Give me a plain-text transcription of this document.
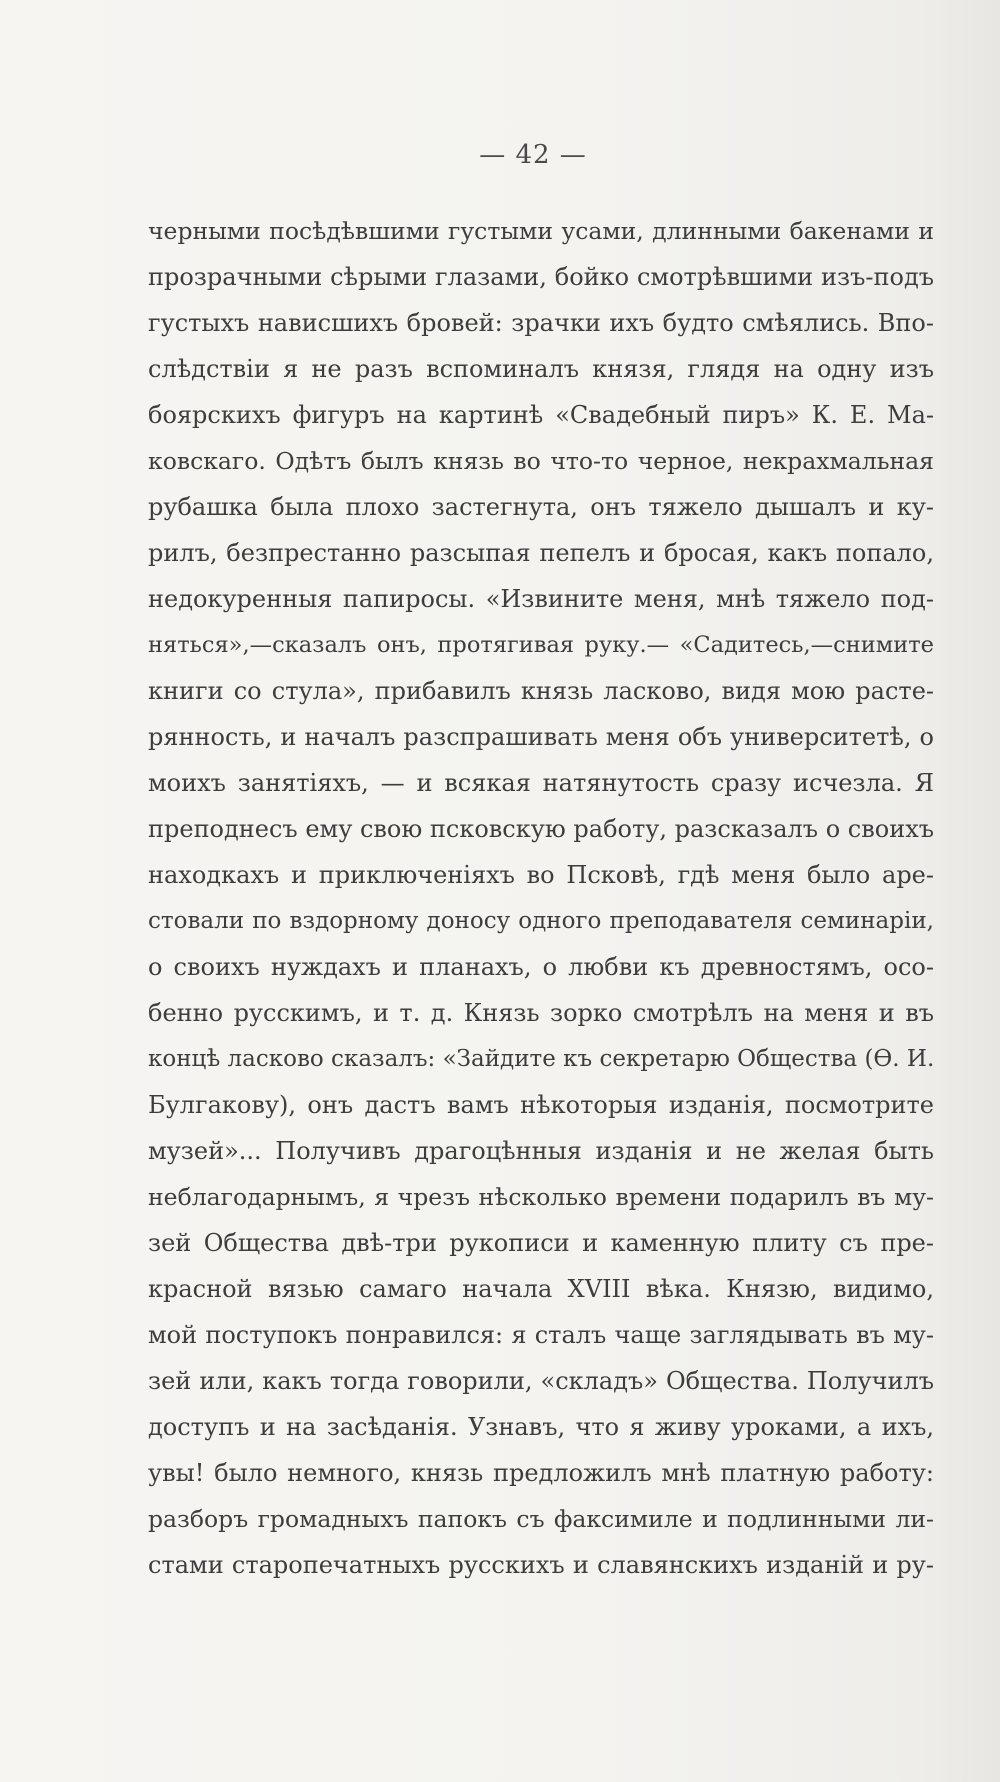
— 42 —
черными посѣдѣвшими густыми усами, длинными бакенами и
прозрачными сѣрыми глазами, бойко смотрѣвшими изъ-подъ
густыхъ нависшихъ бровей: зрачки ихъ будто смѣялись. Впо-
слѣдствіи я не разъ вспоминалъ князя, глядя на одну изъ
боярскихъ фигуръ на картинѣ «Свадебный пиръ» К. Е. Ма-
ковскаго. Одѣтъ былъ князь во что-то черное, некрахмальная
рубашка была плохо застегнута, онъ тяжело дышалъ и ку-
рилъ, безпрестанно разсыпая пепелъ и бросая, какъ попало,
недокуренныя папиросы. «Извините меня, мнѣ тяжело под-
няться»,—сказалъ онъ, протягивая руку.— «Садитесь,—снимите
книги со стула», прибавилъ князь ласково, видя мою расте-
рянность, и началъ разспрашивать меня объ университетѣ, о
моихъ занятіяхъ, — и всякая натянутость сразу исчезла. Я
преподнесъ ему свою псковскую работу, разсказалъ о своихъ
находкахъ и приключеніяхъ во Псковѣ, гдѣ меня было аре-
стовали по вздорному доносу одного преподавателя семинаріи,
о своихъ нуждахъ и планахъ, о любви къ древностямъ, осо-
бенно русскимъ, и т. д. Князь зорко смотрѣлъ на меня и въ
концѣ ласково сказалъ: «Зайдите къ секретарю Общества (Ѳ. И.
Булгакову), онъ дастъ вамъ нѣкоторыя изданія, посмотрите
музей»... Получивъ драгоцѣнныя изданія и не желая быть
неблагодарнымъ, я чрезъ нѣсколько времени подарилъ въ му-
зей Общества двѣ-три рукописи и каменную плиту съ пре-
красной вязью самаго начала XVIII вѣка. Князю, видимо,
мой поступокъ понравился: я сталъ чаще заглядывать въ му-
зей или, какъ тогда говорили, «складъ» Общества. Получилъ
доступъ и на засѣданія. Узнавъ, что я живу уроками, а ихъ,
увы! было немного, князь предложилъ мнѣ платную работу:
разборъ громадныхъ папокъ съ факсимиле и подлинными ли-
стами старопечатныхъ русскихъ и славянскихъ изданій и ру-
